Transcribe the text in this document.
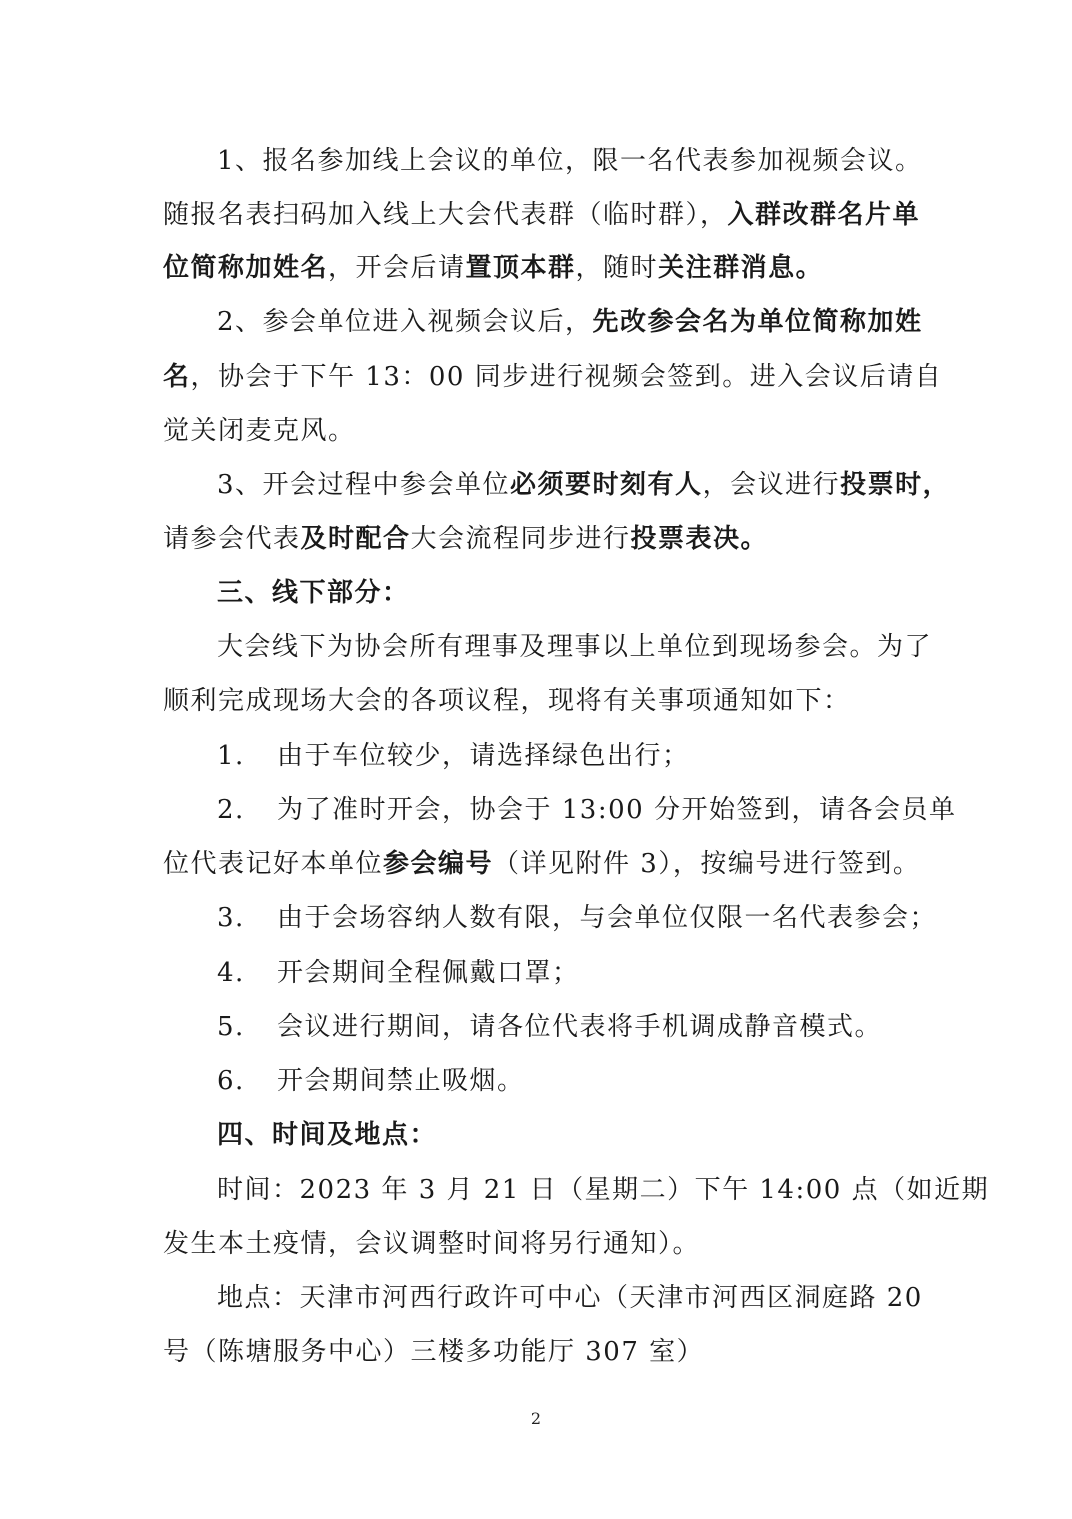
1、报名参加线上会议的单位，限一名代表参加视频会议。
随报名表扫码加入线上大会代表群（临时群），入群改群名片单
位简称加姓名，开会后请置顶本群，随时关注群消息。
2、参会单位进入视频会议后，先改参会名为单位简称加姓
名，协会于下午 13：00 同步进行视频会签到。进入会议后请自
觉关闭麦克风。
3、开会过程中参会单位必须要时刻有人，会议进行投票时，
请参会代表及时配合大会流程同步进行投票表决。
三、线下部分：
大会线下为协会所有理事及理事以上单位到现场参会。为了
顺利完成现场大会的各项议程，现将有关事项通知如下：
1. 由于车位较少，请选择绿色出行；
2. 为了准时开会，协会于 13:00 分开始签到，请各会员单
位代表记好本单位参会编号（详见附件 3），按编号进行签到。
3. 由于会场容纳人数有限，与会单位仅限一名代表参会；
4. 开会期间全程佩戴口罩；
5. 会议进行期间，请各位代表将手机调成静音模式。
6. 开会期间禁止吸烟。
四、时间及地点：
时间：2023 年 3 月 21 日（星期二）下午 14:00 点（如近期
发生本土疫情，会议调整时间将另行通知）。
地点：天津市河西行政许可中心（天津市河西区洞庭路 20
号（陈塘服务中心）三楼多功能厅 307 室）
2
